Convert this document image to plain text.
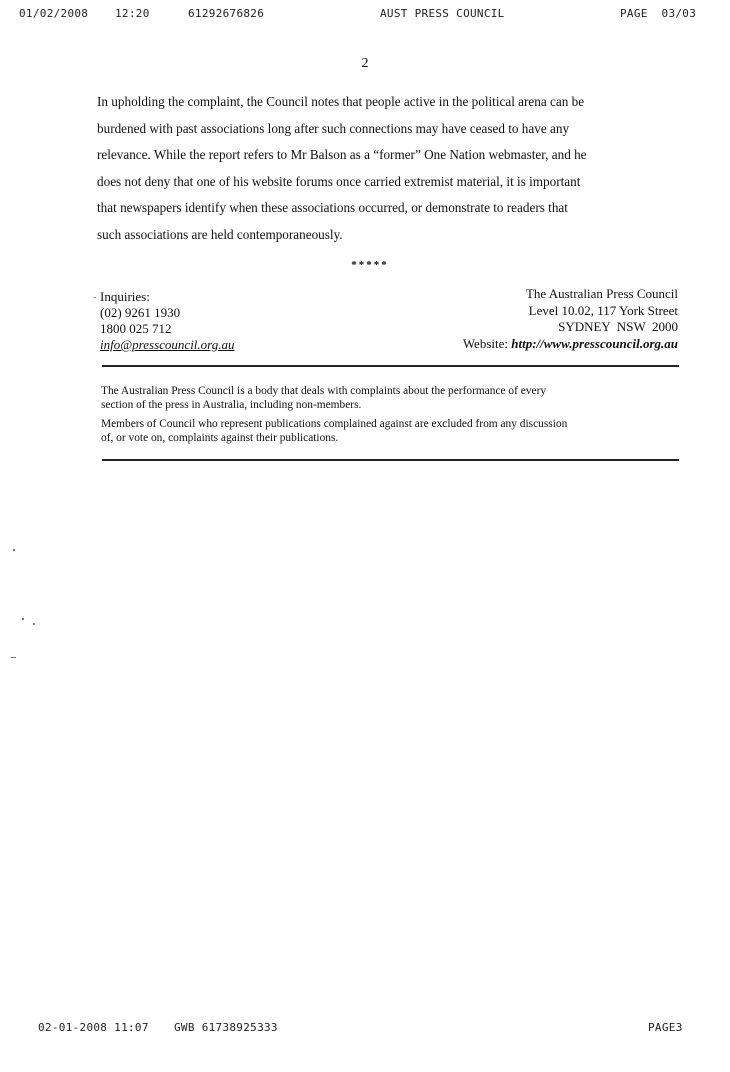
01/02/2008 12:20	61292676826	AUST PRESS COUNCIL	PAGE  03/03
2
In upholding the complaint, the Council notes that people active in the political arena can be
burdened with past associations long after such connections may have ceased to have any
relevance. While the report refers to Mr Balson as a “former” One Nation webmaster, and he
does not deny that one of his website forums once carried extremist material, it is important
that newspapers identify when these associations occurred, or demonstrate to readers that
such associations are held contemporaneously.
*****
- Inquiries:
(02) 9261 1930
1800 025 712
info@presscouncil.org.au
The Australian Press Council
Level 10.02, 117 York Street
SYDNEY  NSW  2000
Website: http://www.presscouncil.org.au

The Australian Press Council is a body that deals with complaints about the performance of every
section of the press in Australia, including non-members.

Members of Council who represent publications complained against are excluded from any discussion
of, or vote on, complaints against their publications.

02-01-2008 11:07 GWB 61738925333	PAGE3
